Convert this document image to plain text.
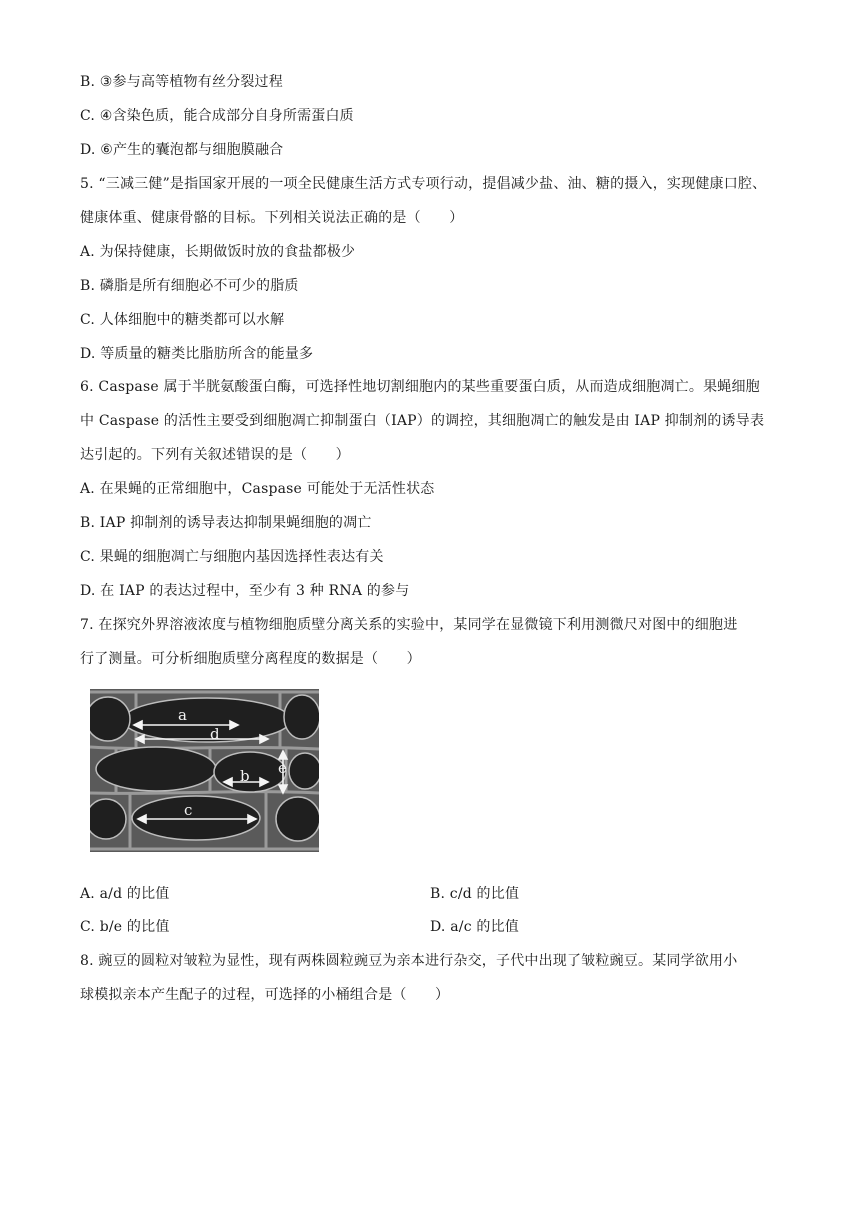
B. ③参与高等植物有丝分裂过程
C. ④含染色质，能合成部分自身所需蛋白质
D. ⑥产生的囊泡都与细胞膜融合
5. “三减三健”是指国家开展的一项全民健康生活方式专项行动，提倡减少盐、油、糖的摄入，实现健康口腔、
健康体重、健康骨骼的目标。下列相关说法正确的是（　　）
A. 为保持健康，长期做饭时放的食盐都极少
B. 磷脂是所有细胞必不可少的脂质
C. 人体细胞中的糖类都可以水解
D. 等质量的糖类比脂肪所含的能量多
6. Caspase 属于半胱氨酸蛋白酶，可选择性地切割细胞内的某些重要蛋白质，从而造成细胞凋亡。果蝇细胞
中 Caspase 的活性主要受到细胞凋亡抑制蛋白（IAP）的调控，其细胞凋亡的触发是由 IAP 抑制剂的诱导表
达引起的。下列有关叙述错误的是（　　）
A. 在果蝇的正常细胞中，Caspase 可能处于无活性状态
B. IAP 抑制剂的诱导表达抑制果蝇细胞的凋亡
C. 果蝇的细胞凋亡与细胞内基因选择性表达有关
D. 在 IAP 的表达过程中，至少有 3 种 RNA 的参与
7. 在探究外界溶液浓度与植物细胞质壁分离关系的实验中，某同学在显微镜下利用测微尺对图中的细胞进
行了测量。可分析细胞质壁分离程度的数据是（　　）
a
d
b e
c
A. a/d 的比值	B. c/d 的比值
C. b/e 的比值	D. a/c 的比值
8. 豌豆的圆粒对皱粒为显性，现有两株圆粒豌豆为亲本进行杂交，子代中出现了皱粒豌豆。某同学欲用小
球模拟亲本产生配子的过程，可选择的小桶组合是（　　）
